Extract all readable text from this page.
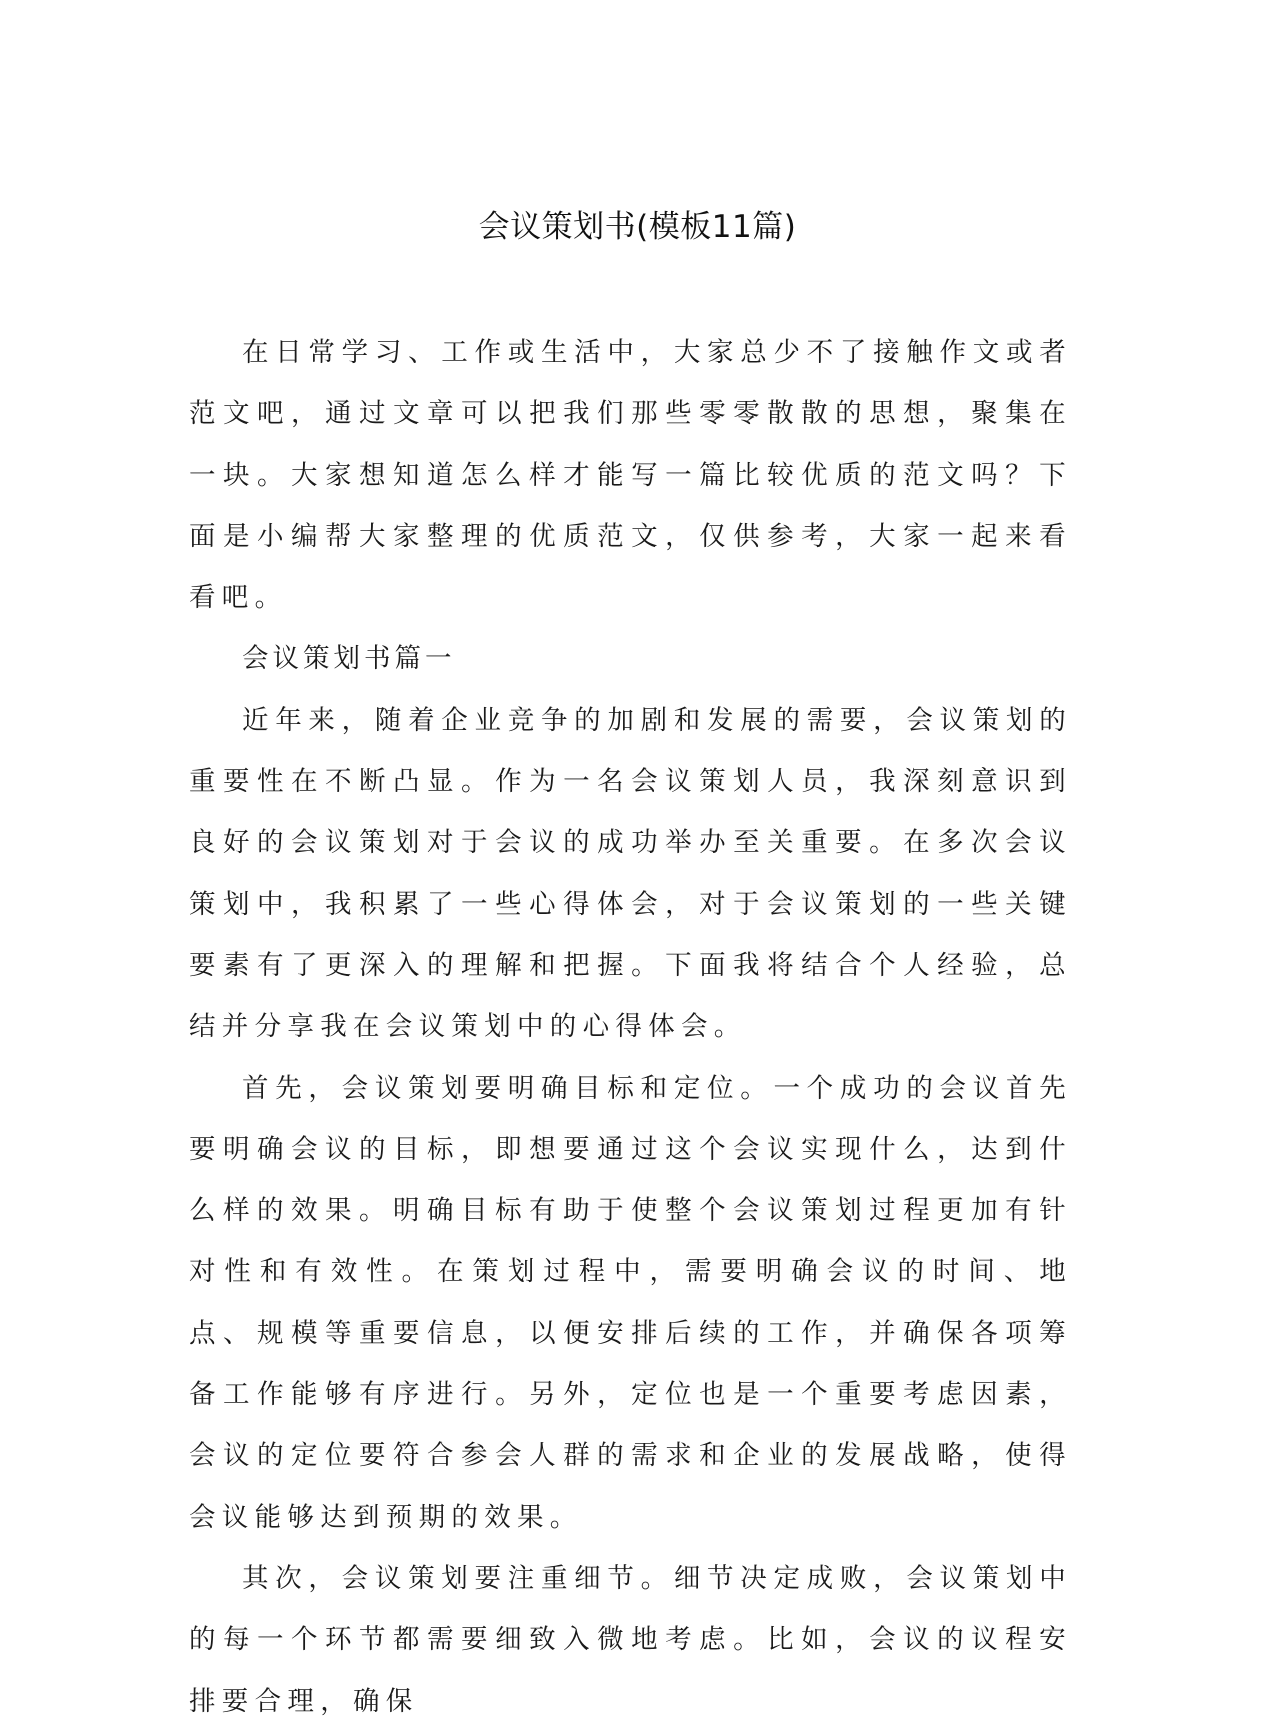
会议策划书(模板11篇)

在日常学习、工作或生活中，大家总少不了接触作文或者范文吧，通过文章可以把我们那些零零散散的思想，聚集在一块。大家想知道怎么样才能写一篇比较优质的范文吗？下面是小编帮大家整理的优质范文，仅供参考，大家一起来看看吧。

会议策划书篇一

近年来，随着企业竞争的加剧和发展的需要，会议策划的重要性在不断凸显。作为一名会议策划人员，我深刻意识到良好的会议策划对于会议的成功举办至关重要。在多次会议策划中，我积累了一些心得体会，对于会议策划的一些关键要素有了更深入的理解和把握。下面我将结合个人经验，总结并分享我在会议策划中的心得体会。

首先，会议策划要明确目标和定位。一个成功的会议首先要明确会议的目标，即想要通过这个会议实现什么，达到什么样的效果。明确目标有助于使整个会议策划过程更加有针对性和有效性。在策划过程中，需要明确会议的时间、地点、规模等重要信息，以便安排后续的工作，并确保各项筹备工作能够有序进行。另外，定位也是一个重要考虑因素，会议的定位要符合参会人群的需求和企业的发展战略，使得会议能够达到预期的效果。

其次，会议策划要注重细节。细节决定成败，会议策划中的每一个环节都需要细致入微地考虑。比如，会议的议程安排要合理，确保
